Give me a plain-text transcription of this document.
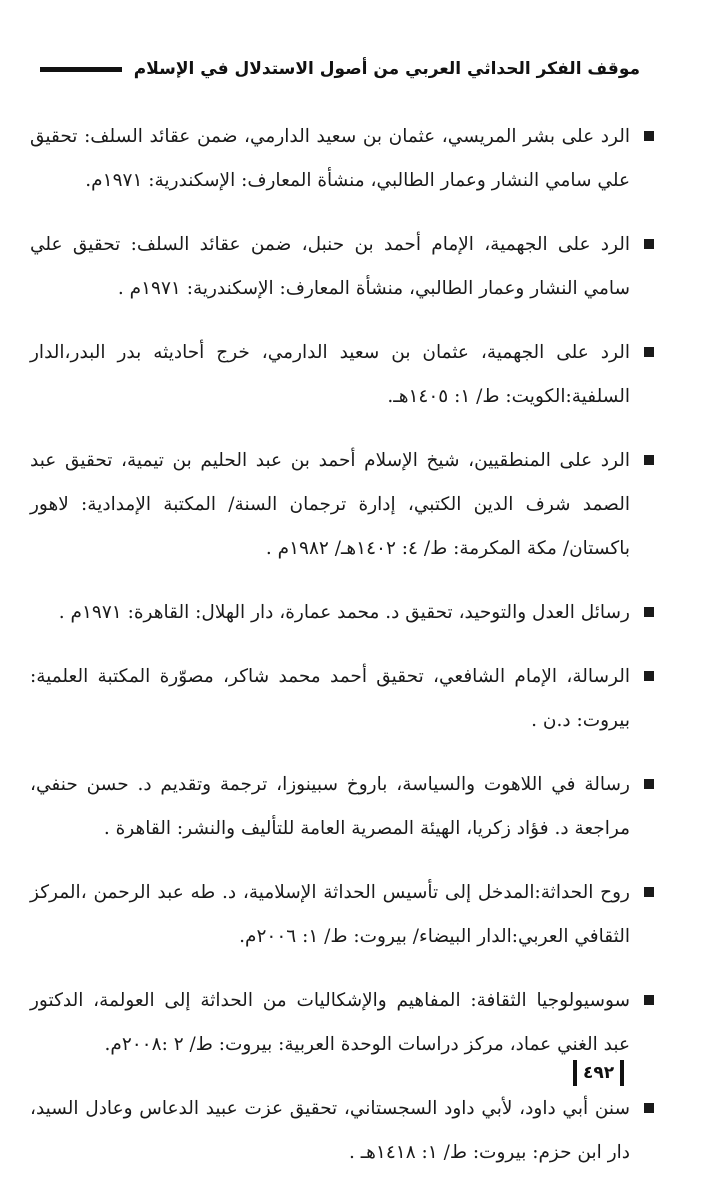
موقف الفكر الحداثي العربي من أصول الاستدلال في الإسلام
الرد على بشر المريسي، عثمان بن سعيد الدارمي، ضمن عقائد السلف: تحقيق علي سامي النشار وعمار الطالبي، منشأة المعارف: الإسكندرية: ١٩٧١م.
الرد على الجهمية، الإمام أحمد بن حنبل، ضمن عقائد السلف: تحقيق علي سامي النشار وعمار الطالبي، منشأة المعارف: الإسكندرية: ١٩٧١م .
الرد على الجهمية، عثمان بن سعيد الدارمي، خرج أحاديثه بدر البدر،الدار السلفية:الكويت: ط/ ١: ١٤٠٥هـ.
الرد على المنطقيين، شيخ الإسلام أحمد بن عبد الحليم بن تيمية، تحقيق عبد الصمد شرف الدين الكتبي، إدارة ترجمان السنة/ المكتبة الإمدادية: لاهور باكستان/ مكة المكرمة: ط/ ٤: ١٤٠٢هـ/ ١٩٨٢م .
رسائل العدل والتوحيد، تحقيق د. محمد عمارة، دار الهلال: القاهرة: ١٩٧١م .
الرسالة، الإمام الشافعي، تحقيق أحمد محمد شاكر، مصوّرة المكتبة العلمية: بيروت: د.ن .
رسالة في اللاهوت والسياسة، باروخ سبينوزا، ترجمة وتقديم د. حسن حنفي، مراجعة د. فؤاد زكريا، الهيئة المصرية العامة للتأليف والنشر: القاهرة .
روح الحداثة:المدخل إلى تأسيس الحداثة الإسلامية، د. طه عبد الرحمن ،المركز الثقافي العربي:الدار البيضاء/ بيروت: ط/ ١: ٢٠٠٦م.
سوسيولوجيا الثقافة: المفاهيم والإشكاليات من الحداثة إلى العولمة، الدكتور عبد الغني عماد، مركز دراسات الوحدة العربية: بيروت: ط/ ٢ :٢٠٠٨م.
سنن أبي داود، لأبي داود السجستاني، تحقيق عزت عبيد الدعاس وعادل السيد، دار ابن حزم: بيروت: ط/ ١: ١٤١٨هـ .
٤٩٢
